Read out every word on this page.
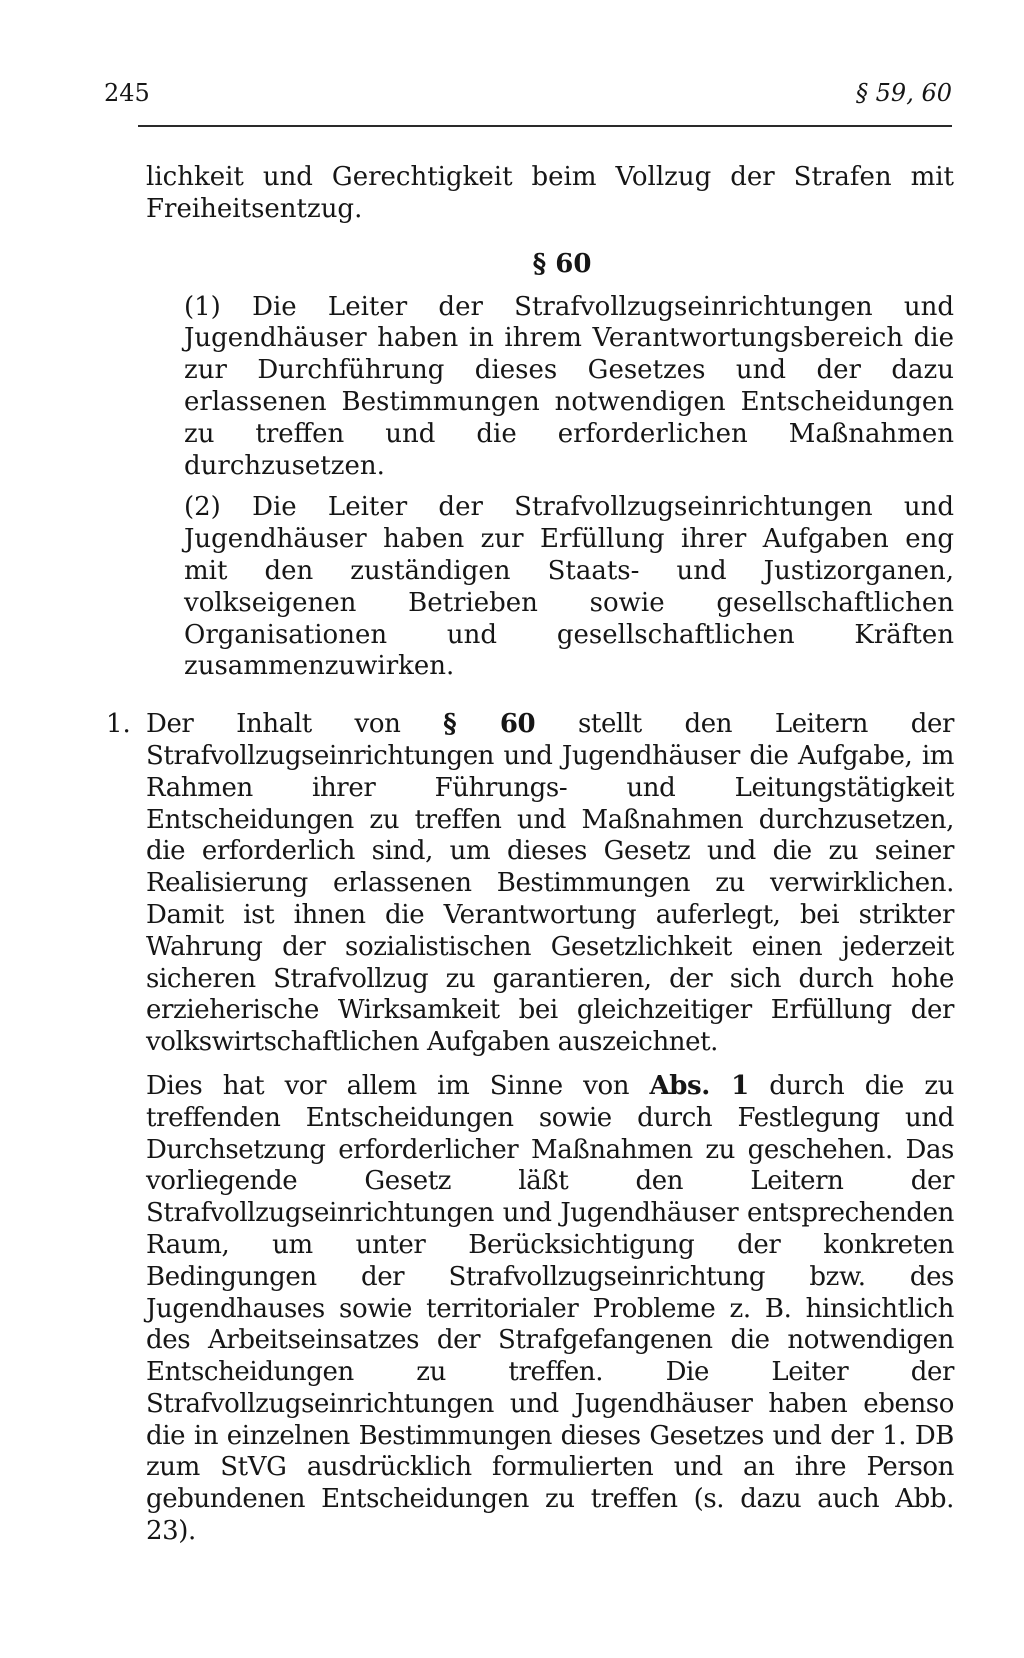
245	§ 59, 60

lichkeit und Gerechtigkeit beim Vollzug der Strafen mit Freiheitsentzug.

§ 60

(1) Die Leiter der Strafvollzugseinrichtungen und Jugendhäuser haben in ihrem Verantwortungsbereich die zur Durchführung dieses Gesetzes und der dazu erlassenen Bestimmungen notwendigen Entscheidungen zu treffen und die erforderlichen Maßnahmen durchzusetzen.

(2) Die Leiter der Strafvollzugseinrichtungen und Jugendhäuser haben zur Erfüllung ihrer Aufgaben eng mit den zuständigen Staats- und Justizorganen, volkseigenen Betrieben sowie gesellschaftlichen Organisationen und gesellschaftlichen Kräften zusammenzuwirken.

1. Der Inhalt von § 60 stellt den Leitern der Strafvollzugseinrichtungen und Jugendhäuser die Aufgabe, im Rahmen ihrer Führungs- und Leitungstätigkeit Entscheidungen zu treffen und Maßnahmen durchzusetzen, die erforderlich sind, um dieses Gesetz und die zu seiner Realisierung erlassenen Bestimmungen zu verwirklichen. Damit ist ihnen die Verantwortung auferlegt, bei strikter Wahrung der sozialistischen Gesetzlichkeit einen jederzeit sicheren Strafvollzug zu garantieren, der sich durch hohe erzieherische Wirksamkeit bei gleichzeitiger Erfüllung der volkswirtschaftlichen Aufgaben auszeichnet.

Dies hat vor allem im Sinne von Abs. 1 durch die zu treffenden Entscheidungen sowie durch Festlegung und Durchsetzung erforderlicher Maßnahmen zu geschehen. Das vorliegende Gesetz läßt den Leitern der Strafvollzugseinrichtungen und Jugendhäuser entsprechenden Raum, um unter Berücksichtigung der konkreten Bedingungen der Strafvollzugseinrichtung bzw. des Jugendhauses sowie territorialer Probleme z. B. hinsichtlich des Arbeitseinsatzes der Strafgefangenen die notwendigen Entscheidungen zu treffen. Die Leiter der Strafvollzugseinrichtungen und Jugendhäuser haben ebenso die in einzelnen Bestimmungen dieses Gesetzes und der 1. DB zum StVG ausdrücklich formulierten und an ihre Person gebundenen Entscheidungen zu treffen (s. dazu auch Abb. 23).
